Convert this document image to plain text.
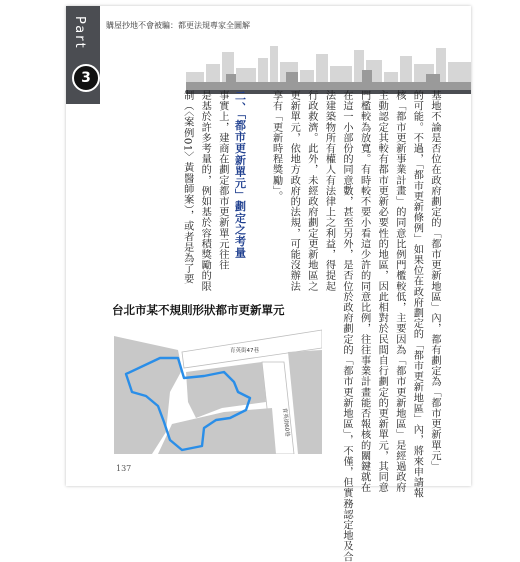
Part
3
購屋抄地不會被騙：都更法規專家全圖解
基地不論是否位在政府劃定的「都市更新地區」內，都有劃定為「都市更新單元」
的可能。不過，「都市更新條例」如果位在政府劃定的「都市更新地區」內，將來申請報
核「都市更新事業計畫」的同意比例門檻較低，主要因為「都市更新地區」是經過政府
主動認定其較有都市更新必要性的地區，因此相對於民間自行劃定的更新單元，其同意
門檻較為放寬。有時較不要小看這少許的同意比例，往往事業計畫能否報核的關鍵就在
在這一小部份的同意數，甚至另外，是否位於政府劃定的「都市更新地區」，不僅，但實務認定地及合
法建築物所有權人有法律上之利益，得提起
行政救濟。此外，未經政府劃定更新地區之
更新單元，依地方政府的法規，可能沒辦法
享有「更新時程獎勵」。
二、「都市更新單元」劃定之考量
事實上，建商在劃定都市更新單元往往
是基於許多考量的，例如基於容積獎勵的限
制（〈案例01〉黃醫師案），或者是為了要
台北市某不規則形狀都市更新單元
育英街47巷
育英街60巷
137
